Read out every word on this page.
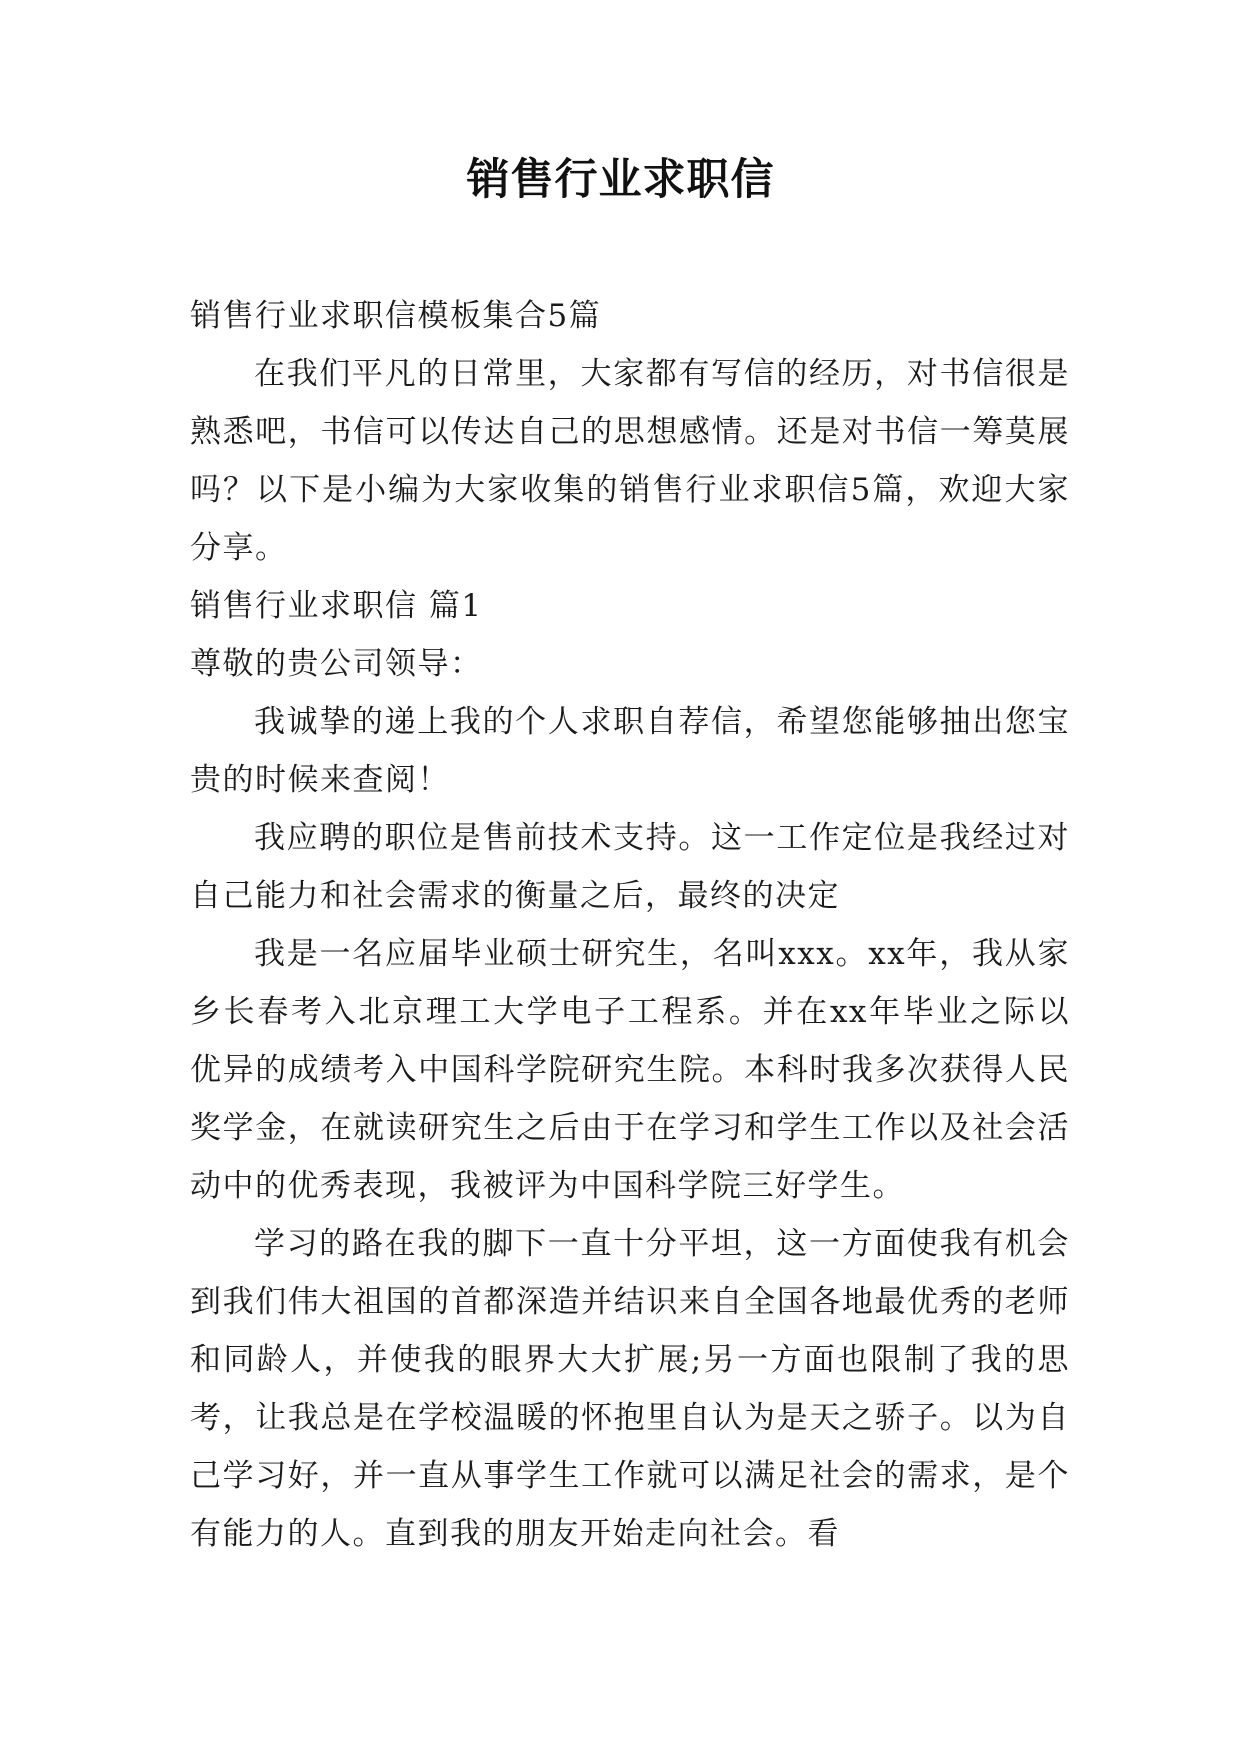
销售行业求职信

销售行业求职信模板集合5篇

在我们平凡的日常里，大家都有写信的经历，对书信很是熟悉吧，书信可以传达自己的思想感情。还是对书信一筹莫展吗？以下是小编为大家收集的销售行业求职信5篇，欢迎大家分享。

销售行业求职信 篇1

尊敬的贵公司领导：

我诚挚的递上我的个人求职自荐信，希望您能够抽出您宝贵的时候来查阅！

我应聘的职位是售前技术支持。这一工作定位是我经过对自己能力和社会需求的衡量之后，最终的决定

我是一名应届毕业硕士研究生，名叫xxx。xx年，我从家乡长春考入北京理工大学电子工程系。并在xx年毕业之际以优异的成绩考入中国科学院研究生院。本科时我多次获得人民奖学金，在就读研究生之后由于在学习和学生工作以及社会活动中的优秀表现，我被评为中国科学院三好学生。

学习的路在我的脚下一直十分平坦，这一方面使我有机会到我们伟大祖国的首都深造并结识来自全国各地最优秀的老师和同龄人，并使我的眼界大大扩展;另一方面也限制了我的思考，让我总是在学校温暖的怀抱里自认为是天之骄子。以为自己学习好，并一直从事学生工作就可以满足社会的需求，是个有能力的人。直到我的朋友开始走向社会。看
